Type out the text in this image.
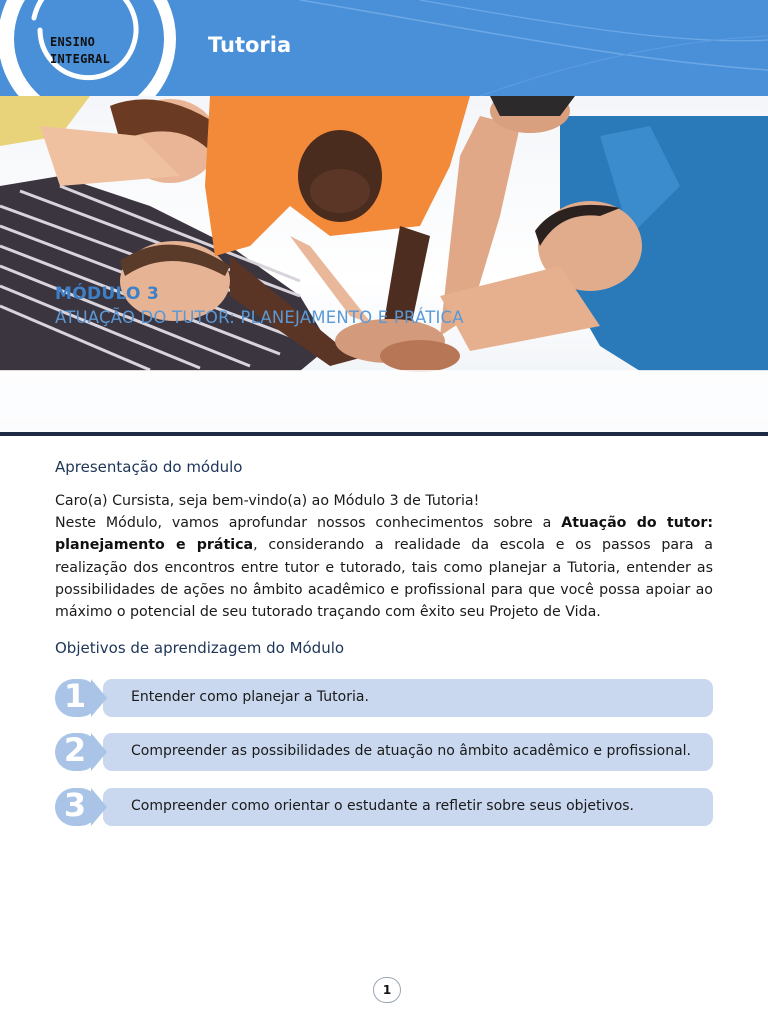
ENSINO
INTEGRAL
Tutoria
MÓDULO 3
ATUAÇÃO DO TUTOR: PLANEJAMENTO E PRÁTICA
Apresentação do módulo

Caro(a) Cursista, seja bem-vindo(a) ao Módulo 3 de Tutoria!

Neste Módulo, vamos aprofundar nossos conhecimentos sobre a Atuação do tutor: planejamento e prática, considerando a realidade da escola e os passos para a realização dos encontros entre tutor e tutorado, tais como planejar a Tutoria, entender as possibilidades de ações no âmbito acadêmico e profissional para que você possa apoiar ao máximo o potencial de seu tutorado traçando com êxito seu Projeto de Vida.

Objetivos de aprendizagem do Módulo
1	Entender como planejar a Tutoria.
2	Compreender as possibilidades de atuação no âmbito acadêmico e profissional.
3	Compreender como orientar o estudante a refletir sobre seus objetivos.
1
